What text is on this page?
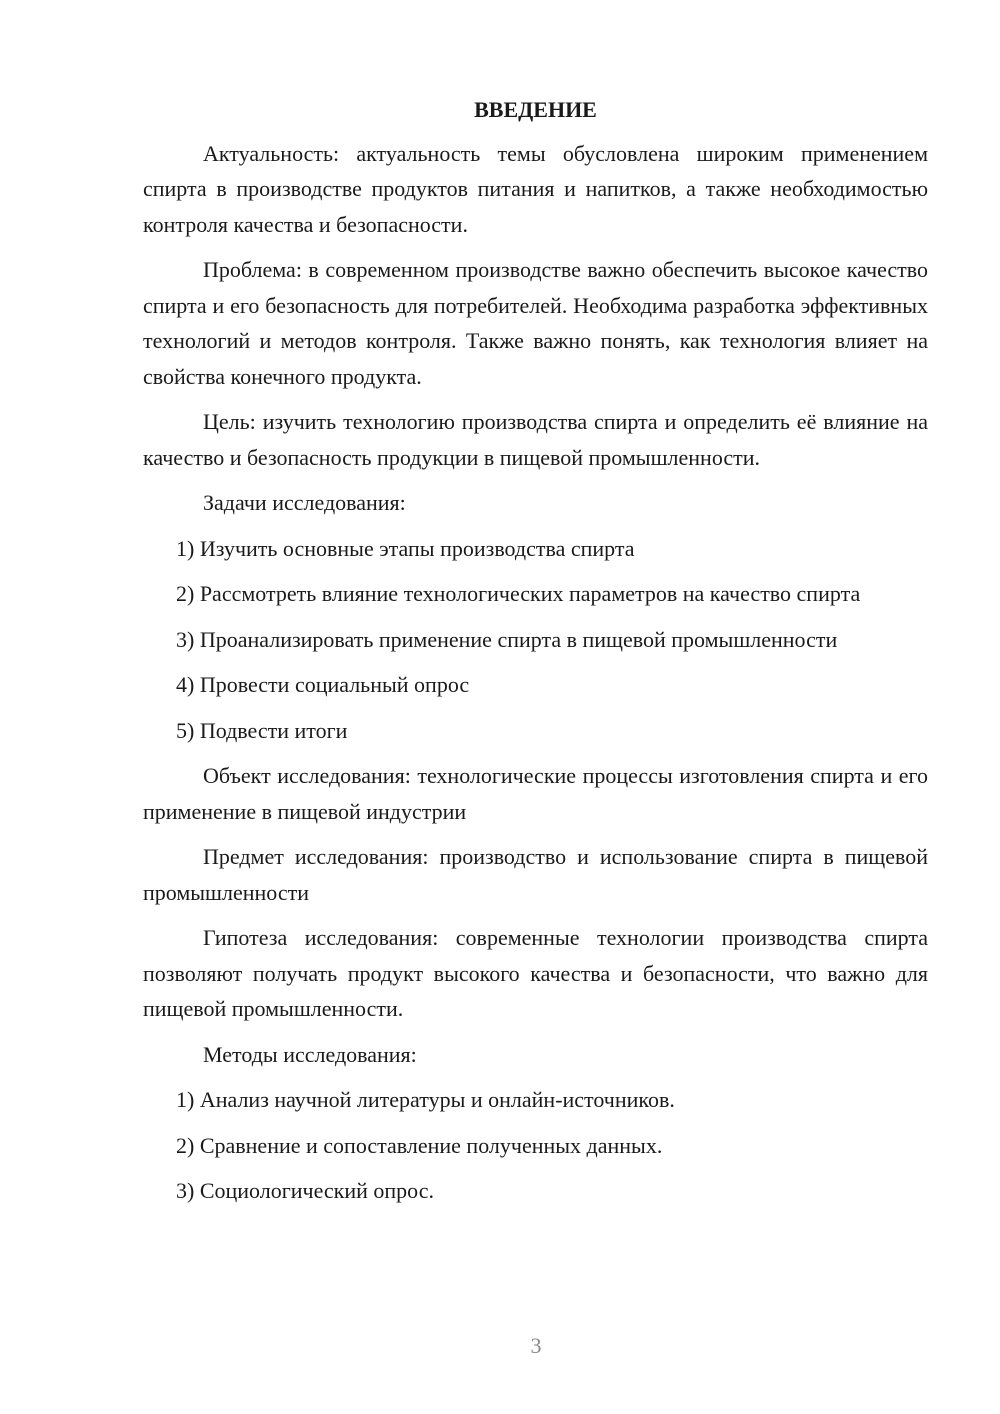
ВВЕДЕНИЕ

Актуальность: актуальность темы обусловлена широким применением спирта в производстве продуктов питания и напитков, а также необходимостью контроля качества и безопасности.

Проблема: в современном производстве важно обеспечить высокое качество спирта и его безопасность для потребителей. Необходима разработка эффективных технологий и методов контроля. Также важно понять, как технология влияет на свойства конечного продукта.

Цель: изучить технологию производства спирта и определить её влияние на качество и безопасность продукции в пищевой промышленности.

Задачи исследования:

1) Изучить основные этапы производства спирта

2) Рассмотреть влияние технологических параметров на качество спирта

3) Проанализировать применение спирта в пищевой промышленности

4) Провести социальный опрос

5) Подвести итоги

Объект исследования: технологические процессы изготовления спирта и его применение в пищевой индустрии

Предмет исследования: производство и использование спирта в пищевой промышленности

Гипотеза исследования: современные технологии производства спирта позволяют получать продукт высокого качества и безопасности, что важно для пищевой промышленности.

Методы исследования:

1) Анализ научной литературы и онлайн-источников.

2) Сравнение и сопоставление полученных данных.

3) Социологический опрос.

3
